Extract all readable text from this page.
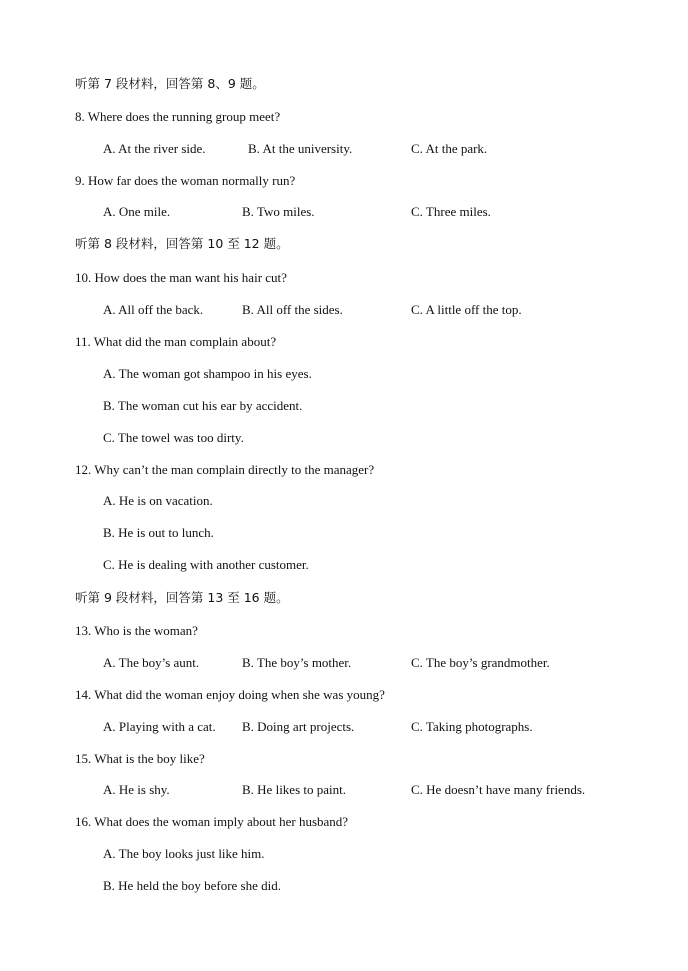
听第 7 段材料，回答第 8、9 题。
8. Where does the running group meet?
A. At the river side.	B. At the university.	C. At the park.
9. How far does the woman normally run?
A. One mile.	B. Two miles.	C. Three miles.
听第 8 段材料，回答第 10 至 12 题。
10. How does the man want his hair cut?
A. All off the back.	B. All off the sides.	C. A little off the top.
11. What did the man complain about?
A. The woman got shampoo in his eyes.
B. The woman cut his ear by accident.
C. The towel was too dirty.
12. Why can’t the man complain directly to the manager?
A. He is on vacation.
B. He is out to lunch.
C. He is dealing with another customer.
听第 9 段材料，回答第 13 至 16 题。
13. Who is the woman?
A. The boy’s aunt.	B. The boy’s mother.	C. The boy’s grandmother.
14. What did the woman enjoy doing when she was young?
A. Playing with a cat. B. Doing art projects.	C. Taking photographs.
15. What is the boy like?
A. He is shy.	B. He likes to paint.	C. He doesn’t have many friends.
16. What does the woman imply about her husband?
A. The boy looks just like him.
B. He held the boy before she did.
